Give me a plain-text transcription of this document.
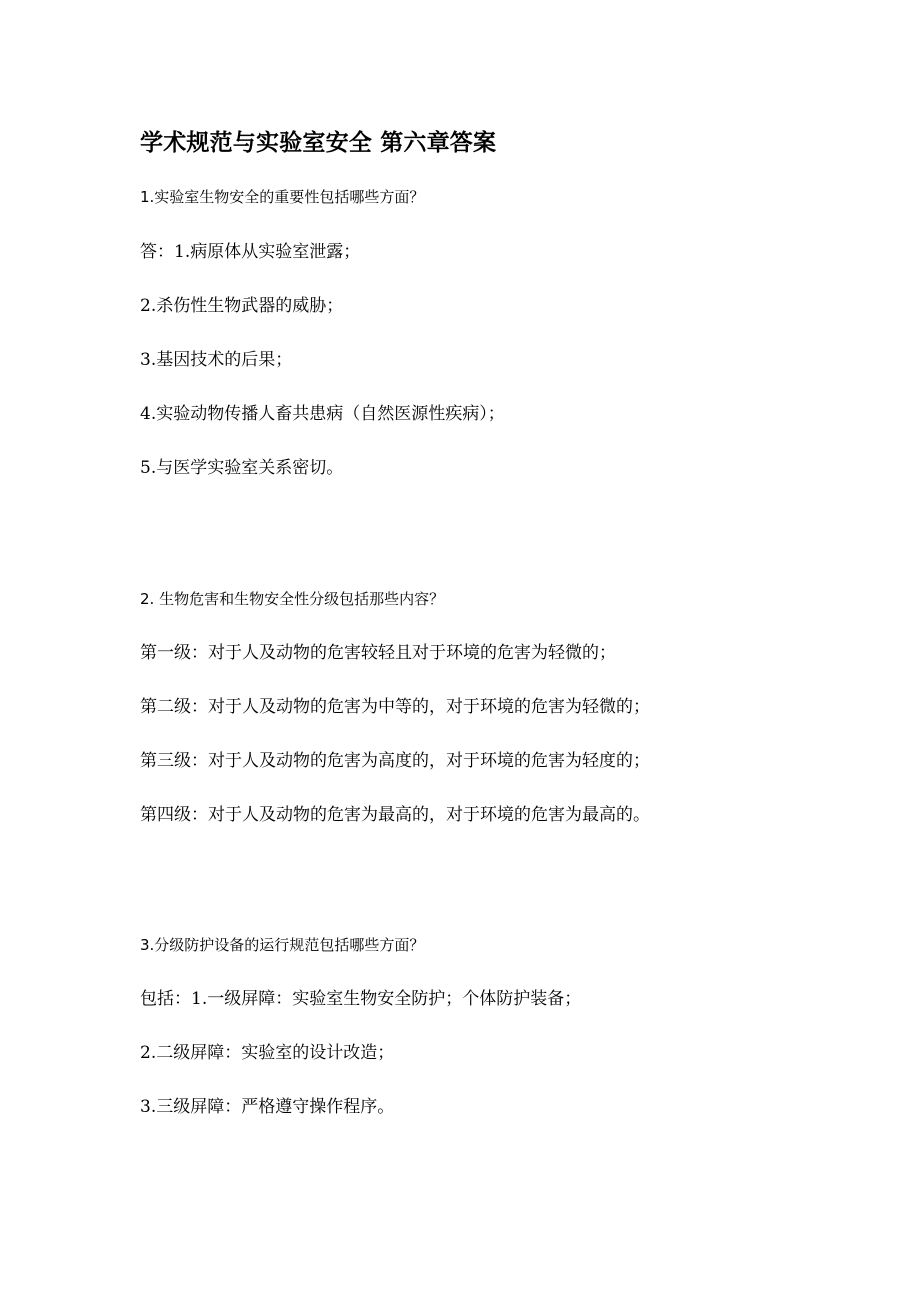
学术规范与实验室安全 第六章答案

1.实验室生物安全的重要性包括哪些方面？

答：1.病原体从实验室泄露；

2.杀伤性生物武器的威胁；

3.基因技术的后果；

4.实验动物传播人畜共患病（自然医源性疾病）；

5.与医学实验室关系密切。

2. 生物危害和生物安全性分级包括那些内容？

第一级：对于人及动物的危害较轻且对于环境的危害为轻微的；

第二级：对于人及动物的危害为中等的，对于环境的危害为轻微的；

第三级：对于人及动物的危害为高度的，对于环境的危害为轻度的；

第四级：对于人及动物的危害为最高的，对于环境的危害为最高的。

3.分级防护设备的运行规范包括哪些方面？

包括：1.一级屏障：实验室生物安全防护；个体防护装备；

2.二级屏障：实验室的设计改造；

3.三级屏障：严格遵守操作程序。
